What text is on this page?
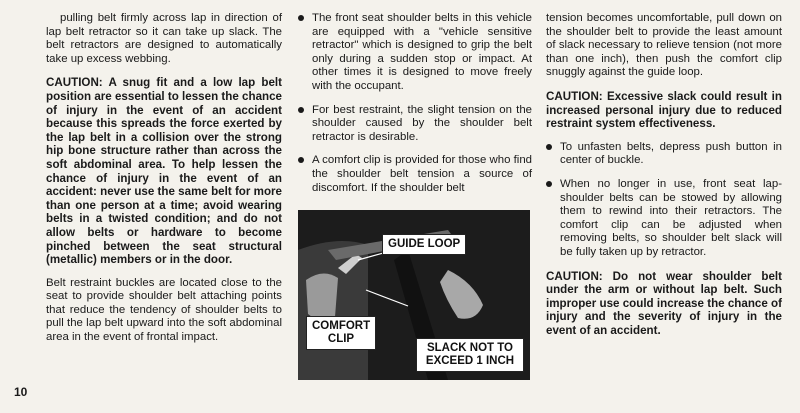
pulling belt firmly across lap in direction of lap belt retractor so it can take up slack. The belt retractors are designed to automatically take up excess webbing.

CAUTION: A snug fit and a low lap belt position are essential to lessen the chance of injury in the event of an accident because this spreads the force exerted by the lap belt in a collision over the strong hip bone structure rather than across the soft abdominal area. To help lessen the chance of injury in the event of an accident: never use the same belt for more than one person at a time; avoid wearing belts in a twisted condition; and do not allow belts or hardware to become pinched between the seat structural (metallic) members or in the door.

Belt restraint buckles are located close to the seat to provide shoulder belt attaching points that reduce the tendency of shoulder belts to pull the lap belt upward into the soft abdominal area in the event of frontal impact.

The front seat shoulder belts in this vehicle are equipped with a "vehicle sensitive retractor" which is designed to grip the belt only during a sudden stop or impact. At other times it is designed to move freely with the occupant.

For best restraint, the slight tension on the shoulder caused by the shoulder belt retractor is desirable.

A comfort clip is provided for those who find the shoulder belt tension a source of discomfort. If the shoulder belt

GUIDE LOOP
COMFORT CLIP
SLACK NOT TO EXCEED 1 INCH

tension becomes uncomfortable, pull down on the shoulder belt to provide the least amount of slack necessary to relieve tension (not more than one inch), then push the comfort clip snuggly against the guide loop.

CAUTION: Excessive slack could result in increased personal injury due to reduced restraint system effectiveness.

To unfasten belts, depress push button in center of buckle.

When no longer in use, front seat lap-shoulder belts can be stowed by allowing them to rewind into their retractors. The comfort clip can be adjusted when removing belts, so shoulder belt slack will be fully taken up by retractor.

CAUTION: Do not wear shoulder belt under the arm or without lap belt. Such improper use could increase the chance of injury and the severity of injury in the event of an accident.

10
